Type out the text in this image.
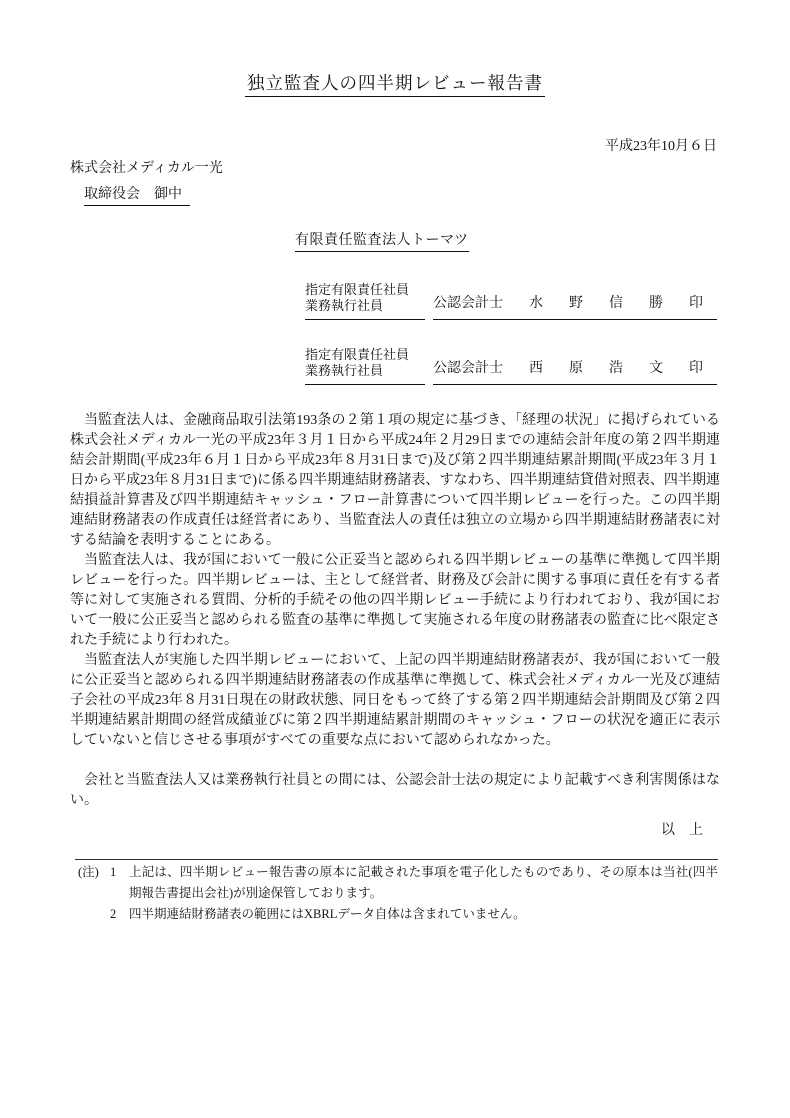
独立監査人の四半期レビュー報告書
平成23年10月６日
株式会社メディカル一光
取締役会　御中
有限責任監査法人トーマツ
指定有限責任社員
業務執行社員	公認会計士 水 野 信 勝 印
指定有限責任社員
業務執行社員	公認会計士 西 原 浩 文 印

当監査法人は、金融商品取引法第193条の２第１項の規定に基づき、「経理の状況」に掲げられている株式会社メディカル一光の平成23年３月１日から平成24年２月29日までの連結会計年度の第２四半期連結会計期間(平成23年６月１日から平成23年８月31日まで)及び第２四半期連結累計期間(平成23年３月１日から平成23年８月31日まで)に係る四半期連結財務諸表、すなわち、四半期連結貸借対照表、四半期連結損益計算書及び四半期連結キャッシュ・フロー計算書について四半期レビューを行った。この四半期連結財務諸表の作成責任は経営者にあり、当監査法人の責任は独立の立場から四半期連結財務諸表に対する結論を表明することにある。

当監査法人は、我が国において一般に公正妥当と認められる四半期レビューの基準に準拠して四半期レビューを行った。四半期レビューは、主として経営者、財務及び会計に関する事項に責任を有する者等に対して実施される質問、分析的手続その他の四半期レビュー手続により行われており、我が国において一般に公正妥当と認められる監査の基準に準拠して実施される年度の財務諸表の監査に比べ限定された手続により行われた。

当監査法人が実施した四半期レビューにおいて、上記の四半期連結財務諸表が、我が国において一般に公正妥当と認められる四半期連結財務諸表の作成基準に準拠して、株式会社メディカル一光及び連結子会社の平成23年８月31日現在の財政状態、同日をもって終了する第２四半期連結会計期間及び第２四半期連結累計期間の経営成績並びに第２四半期連結累計期間のキャッシュ・フローの状況を適正に表示していないと信じさせる事項がすべての重要な点において認められなかった。

会社と当監査法人又は業務執行社員との間には、公認会計士法の規定により記載すべき利害関係はない。

以　上
(注) 1	上記は、四半期レビュー報告書の原本に記載された事項を電子化したものであり、その原本は当社(四半期報告書提出会社)が別途保管しております。
2	四半期連結財務諸表の範囲にはXBRLデータ自体は含まれていません。
